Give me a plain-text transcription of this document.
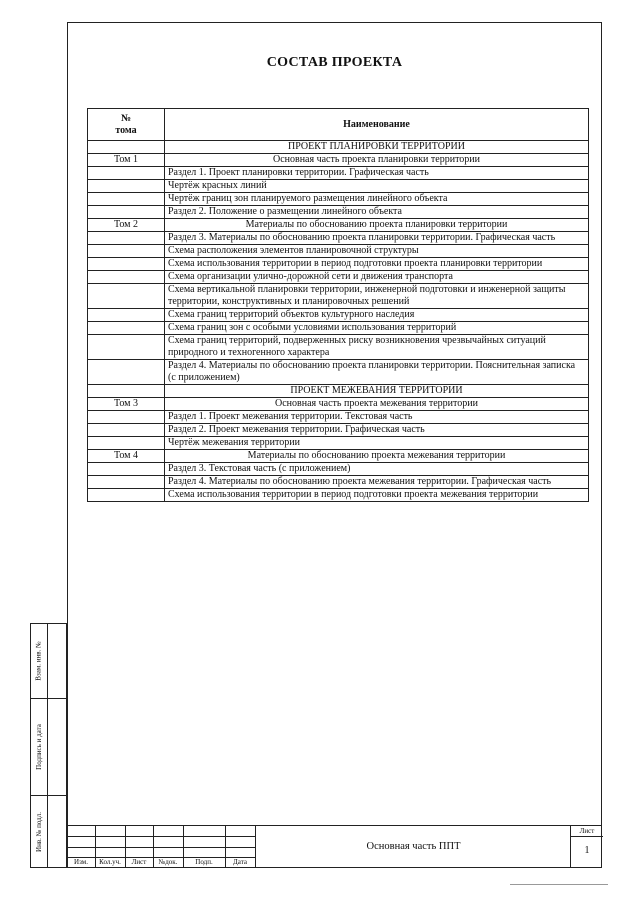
СОСТАВ ПРОЕКТА
№
тома	Наименование
	ПРОЕКТ ПЛАНИРОВКИ ТЕРРИТОРИИ
Том 1	Основная часть проекта планировки территории
	Раздел 1. Проект планировки территории. Графическая часть
	Чертёж красных линий
	Чертёж границ зон планируемого размещения линейного объекта
	Раздел 2. Положение о размещении линейного объекта
Том 2	Материалы по обоснованию проекта планировки территории
	Раздел 3. Материалы по обоснованию проекта планировки территории. Графическая часть
	Схема расположения элементов планировочной структуры
	Схема использования территории в период подготовки проекта планировки территории
	Схема организации улично-дорожной сети и движения транспорта
	Схема вертикальной планировки территории, инженерной подготовки и инженерной защиты территории, конструктивных и планировочных решений
	Схема границ территорий объектов культурного наследия
	Схема границ зон с особыми условиями использования территорий
	Схема границ территорий, подверженных риску возникновения чрезвычайных ситуаций природного и техногенного характера
	Раздел 4. Материалы по обоснованию проекта планировки территории. Пояснительная записка (с приложением)
	ПРОЕКТ МЕЖЕВАНИЯ ТЕРРИТОРИИ
Том 3	Основная часть проекта межевания территории
	Раздел 1. Проект межевания территории. Текстовая часть
	Раздел 2. Проект межевания территории. Графическая часть
	Чертёж межевания территории
Том 4	Материалы по обоснованию проекта межевания территории
	Раздел 3. Текстовая часть (с приложением)
	Раздел 4. Материалы по обоснованию проекта межевания территории. Графическая часть
	Схема использования территории в период подготовки проекта межевания территории
Взам. инв. №
Подпись и дата
Инв. № подл.
Изм.	Кол.уч.	Лист	№док.	Подп.	Дата
Основная часть ППТ
Лист
1
